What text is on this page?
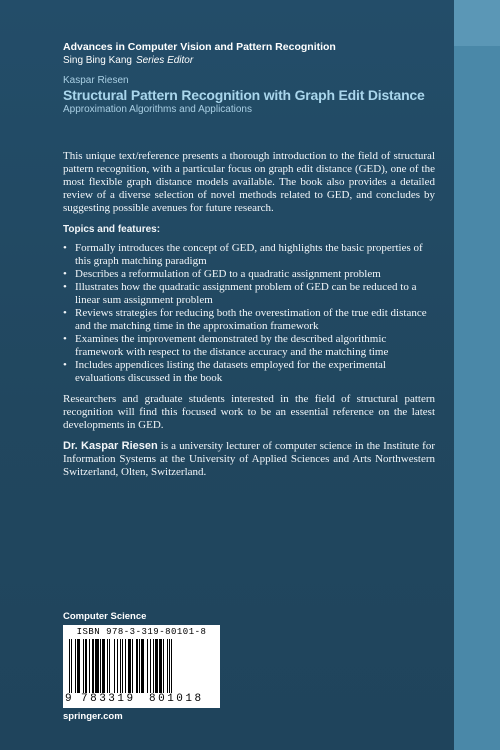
Advances in Computer Vision and Pattern Recognition
Sing Bing Kang Series Editor
Kaspar Riesen
Structural Pattern Recognition with Graph Edit Distance
Approximation Algorithms and Applications

This unique text/reference presents a thorough introduction to the field of structural pattern recognition, with a particular focus on graph edit distance (GED), one of the most flexible graph distance models available. The book also provides a detailed review of a diverse selection of novel methods related to GED, and concludes by suggesting possible avenues for future research.

Topics and features:

• Formally introduces the concept of GED, and highlights the basic properties of this graph matching paradigm
• Describes a reformulation of GED to a quadratic assignment problem
• Illustrates how the quadratic assignment problem of GED can be reduced to a linear sum assignment problem
• Reviews strategies for reducing both the overestimation of the true edit distance and the matching time in the approximation framework
• Examines the improvement demonstrated by the described algorithmic framework with respect to the distance accuracy and the matching time
• Includes appendices listing the datasets employed for the experimental evaluations discussed in the book

Researchers and graduate students interested in the field of structural pattern recognition will find this focused work to be an essential reference on the latest developments in GED.

Dr. Kaspar Riesen is a university lecturer of computer science in the Institute for Information Systems at the University of Applied Sciences and Arts Northwestern Switzerland, Olten, Switzerland.

Computer Science
ISBN 978-3-319-80101-8
9 783319 801018
springer.com
